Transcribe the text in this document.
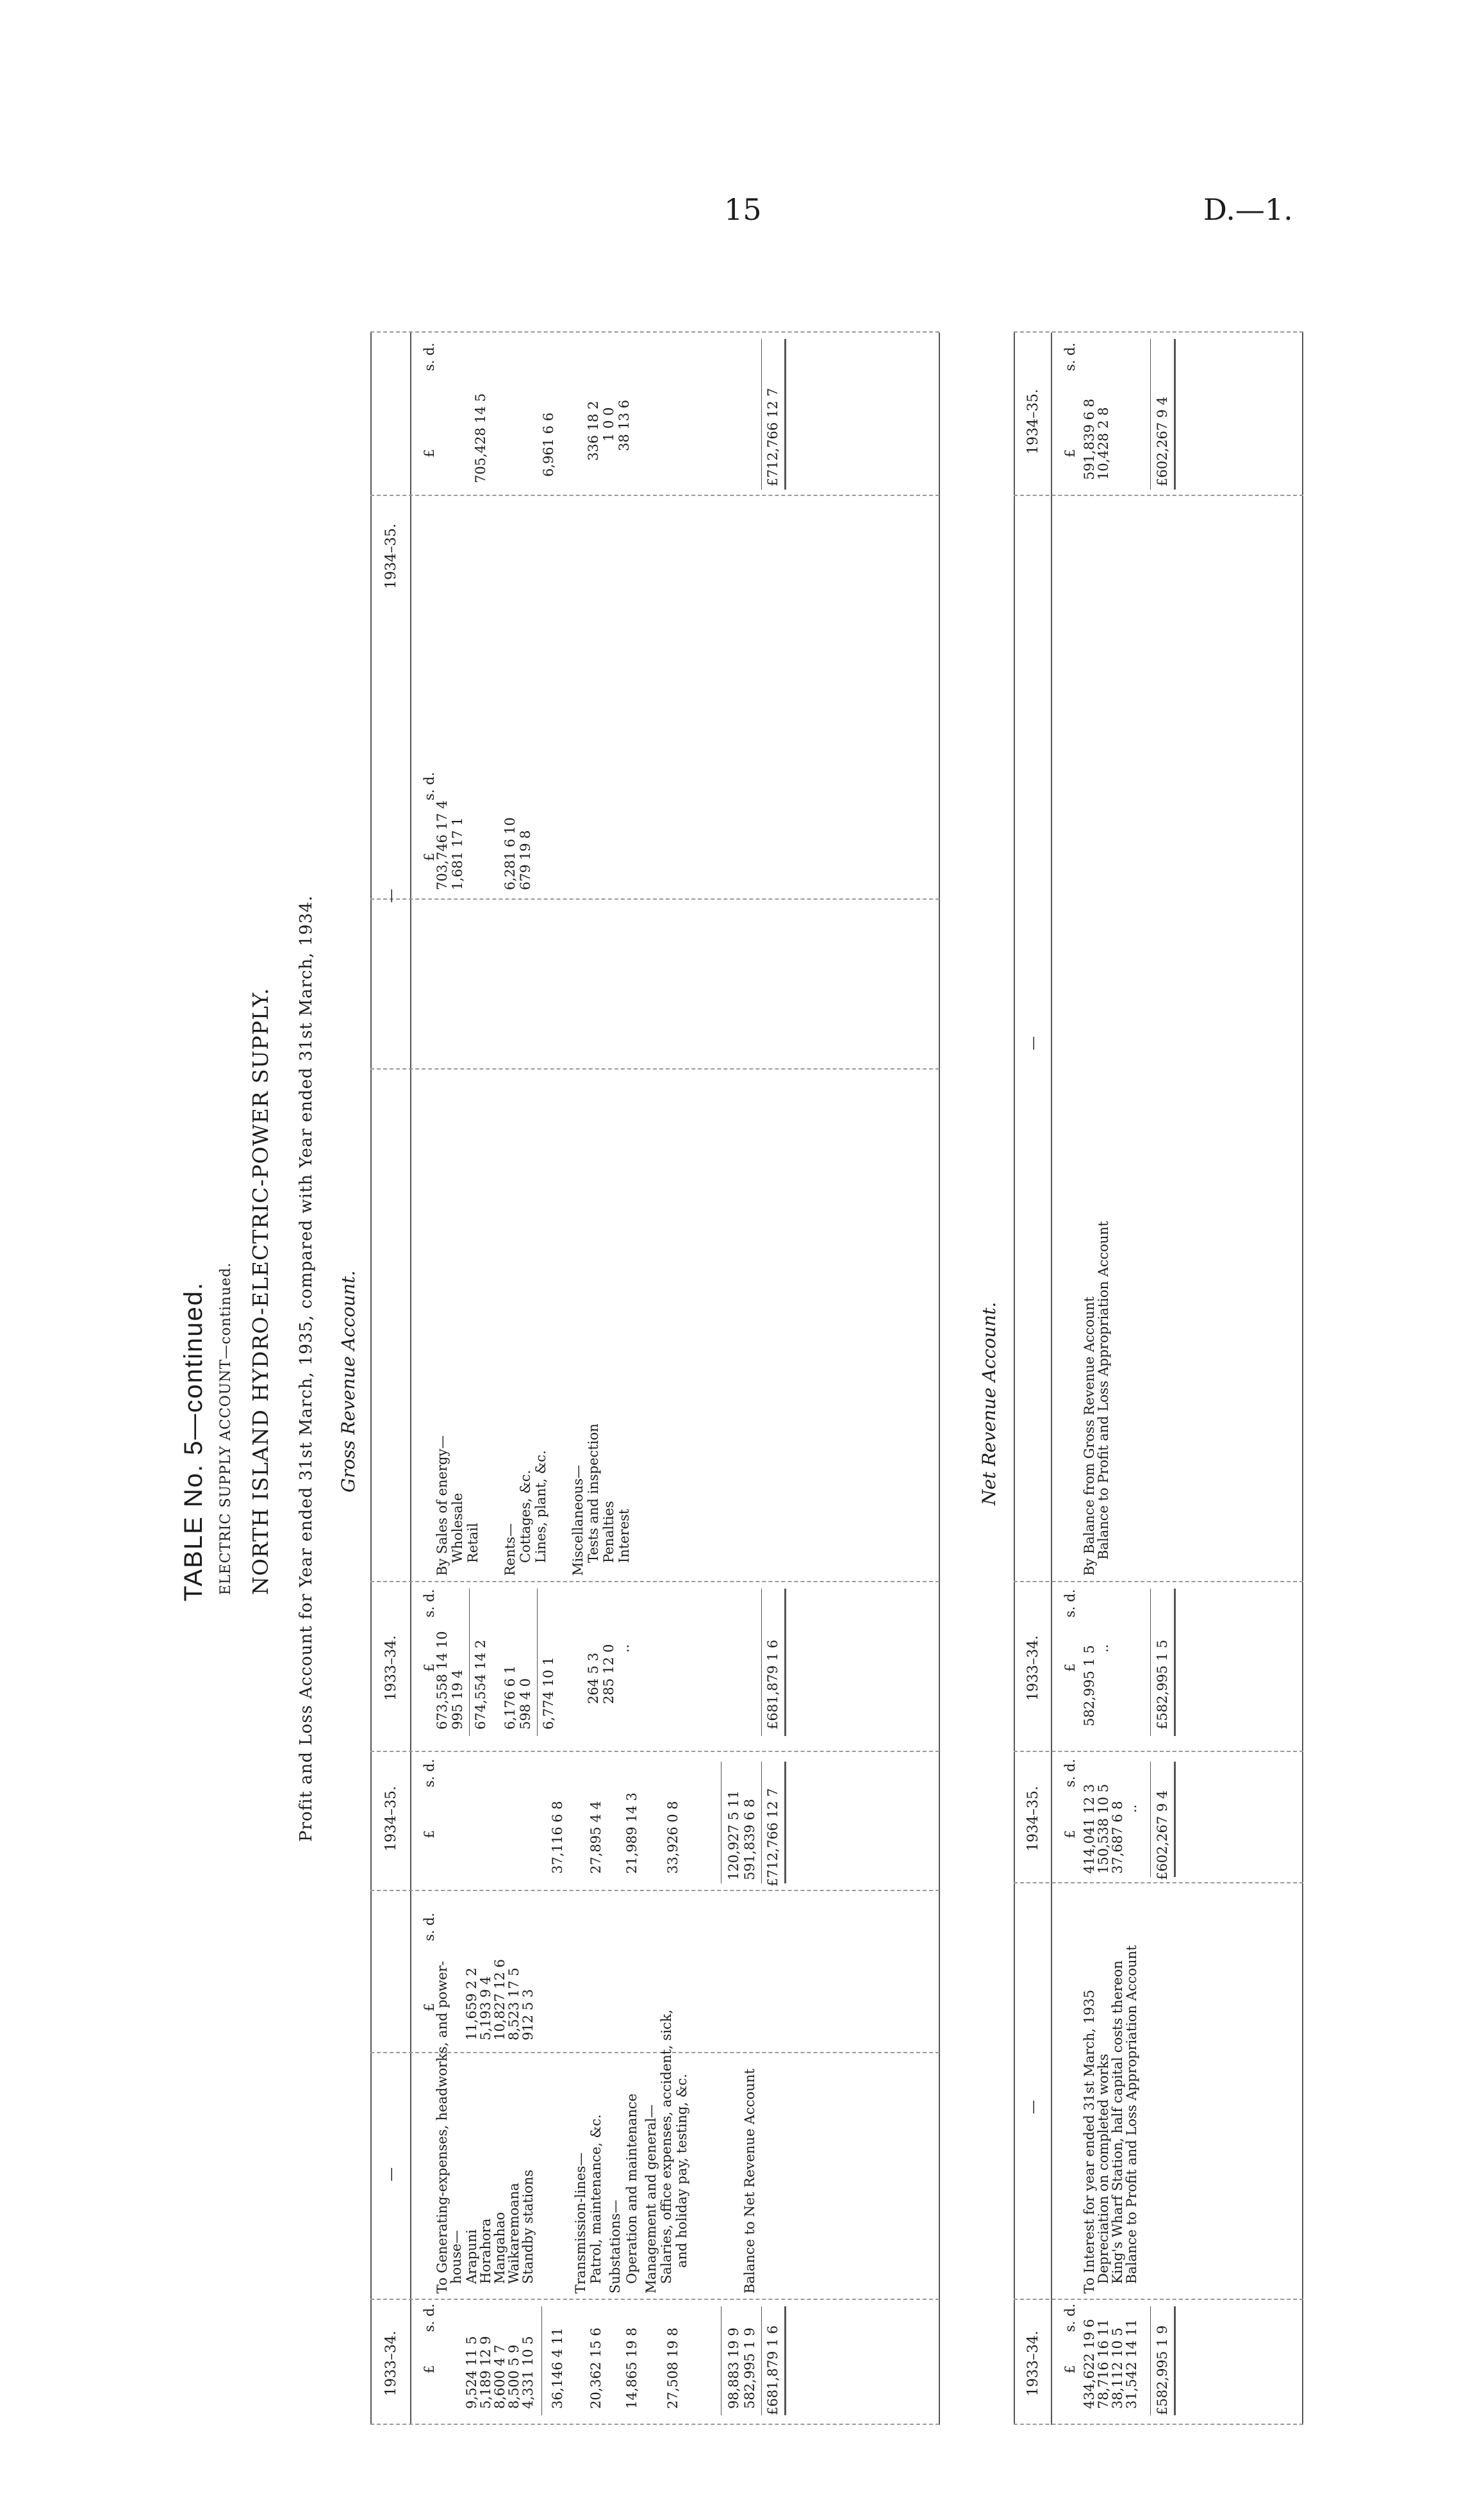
15	D.—1.
TABLE No. 5—continued. ELECTRIC SUPPLY ACCOUNT—continued. NORTH ISLAND HYDRO-ELECTRIC-POWER SUPPLY. Profit and Loss Account for Year ended 31st March, 1935, compared with Year ended 31st March, 1934. Gross Revenue Account.
1933–34.
—
1934–35.
1933–34.
—
1934–35.
£
s. d.
£
s. d.
£
s. d.
£
s. d.
£
s. d.
£
s. d.
To Generating-expenses, headworks, and power-
house— Arapuni
Horahora
Mangahao
Waikaremoana
Standby stations
9,524 11 5
5,189 12 9
8,600 4 7
8,500 5 9
4,331 10 5
11,659 2 2
5,193 9 4
10,827 12 6
8,523 17 5
912 5 3
36,146 4 11
37,116 6 8
Transmission-lines— Patrol, maintenance, &c.
20,362 15 6
27,895 4 4
Substations— Operation and maintenance
14,865 19 8
21,989 14 3
Management and general— Salaries, office expenses, accident, sick, and holiday pay, testing, &c.
27,508 19 8
33,926 0 8
98,883 19 9
120,927 5 11
Balance to Net Revenue Account
582,995 1 9
591,839 6 8
£681,879 1 6
£712,766 12 7
By Sales of energy— Wholesale Retail
673,558 14 10 995 19 4 674,554 14 2
703,746 17 4 1,681 17 1
705,428 14 5
Rents— Cottages, &c. Lines, plant, &c.
6,176 6 1 598 4 0 6,774 10 1
6,281 6 10 679 19 8
6,961 6 6
Miscellaneous— Tests and inspection Penalties Interest
264 5 3 285 12 0 ..
336 18 2 1 0 0 38 13 6
£681,879 1 6
£712,766 12 7
Net Revenue Account.
1933–34.
—
1934–35.
1933–34.
—
1934–35.
£
s. d.
£
s. d.
£
s. d.
£
s. d.
To Interest for year ended 31st March, 1935
Depreciation on completed works
King's Wharf Station, half capital costs thereon
Balance to Profit and Loss Appropriation Account
434,622 19 6
78,716 16 11
38,112 10 5
31,542 14 11
414,041 12 3
150,538 10 5
37,687 6 8
..
£582,995 1 9
£602,267 9 4
By Balance from Gross Revenue Account
Balance to Profit and Loss Appropriation Account
582,995 1 5
..
591,839 6 8
10,428 2 8
£582,995 1 5
£602,267 9 4
